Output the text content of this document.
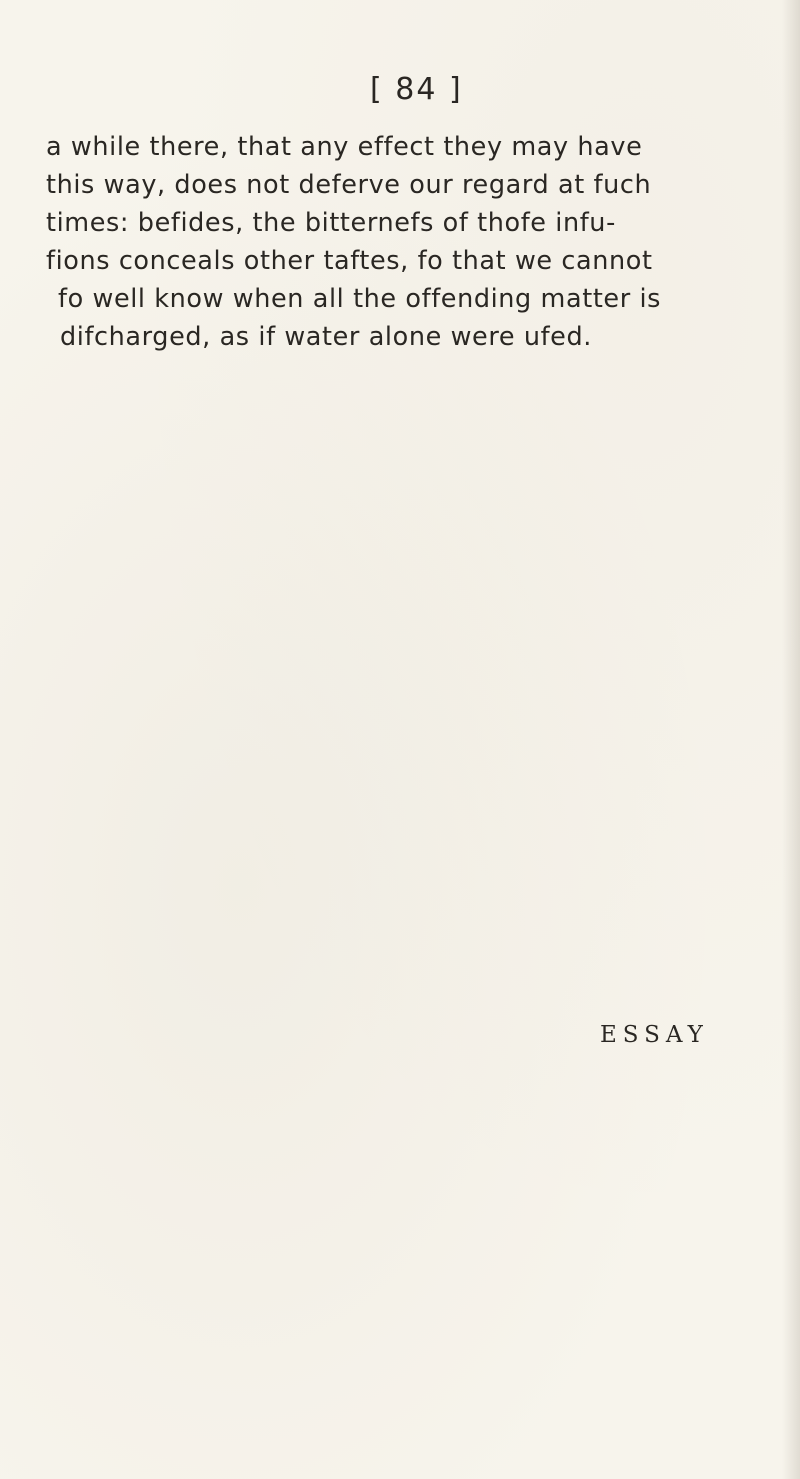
[ 84 ]
a while there, that any effect they may have
this way, does not deferve our regard at fuch
times: befides, the bitternefs of thofe infu-
fions conceals other taftes, fo that we cannot
fo well know when all the offending matter is
difcharged, as if water alone were ufed.
ESSAY
